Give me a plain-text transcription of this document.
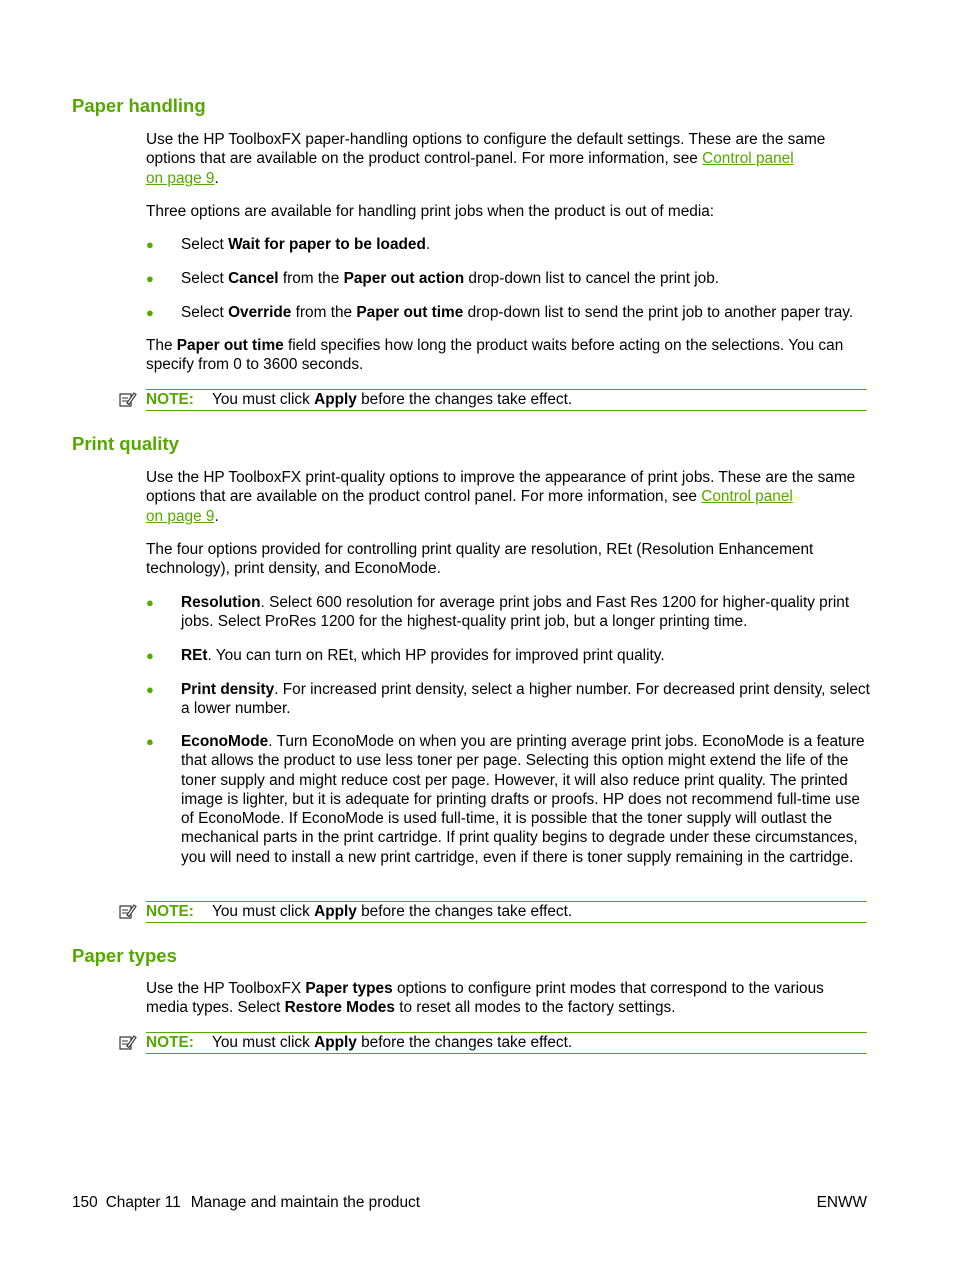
Paper handling

Use the HP ToolboxFX paper-handling options to configure the default settings. These are the same options that are available on the product control-panel. For more information, see Control panel
on page 9.

Three options are available for handling print jobs when the product is out of media:

● Select Wait for paper to be loaded.
● Select Cancel from the Paper out action drop-down list to cancel the print job.
● Select Override from the Paper out time drop-down list to send the print job to another paper tray.

The Paper out time field specifies how long the product waits before acting on the selections. You can specify from 0 to 3600 seconds.

NOTE: You must click Apply before the changes take effect.
Print quality

Use the HP ToolboxFX print-quality options to improve the appearance of print jobs. These are the same options that are available on the product control panel. For more information, see Control panel
on page 9.

The four options provided for controlling print quality are resolution, REt (Resolution Enhancement technology), print density, and EconoMode.

● Resolution. Select 600 resolution for average print jobs and Fast Res 1200 for higher-quality print jobs. Select ProRes 1200 for the highest-quality print job, but a longer printing time.
● REt. You can turn on REt, which HP provides for improved print quality.
● Print density. For increased print density, select a higher number. For decreased print density, select a lower number.
● EconoMode. Turn EconoMode on when you are printing average print jobs. EconoMode is a feature that allows the product to use less toner per page. Selecting this option might extend the life of the toner supply and might reduce cost per page. However, it will also reduce print quality. The printed image is lighter, but it is adequate for printing drafts or proofs. HP does not recommend full-time use of EconoMode. If EconoMode is used full-time, it is possible that the toner supply will outlast the mechanical parts in the print cartridge. If print quality begins to degrade under these circumstances, you will need to install a new print cartridge, even if there is toner supply remaining in the cartridge.
NOTE: You must click Apply before the changes take effect.
Paper types

Use the HP ToolboxFX Paper types options to configure print modes that correspond to the various media types. Select Restore Modes to reset all modes to the factory settings.

NOTE: You must click Apply before the changes take effect.
150 Chapter 11 Manage and maintain the product	ENWW
